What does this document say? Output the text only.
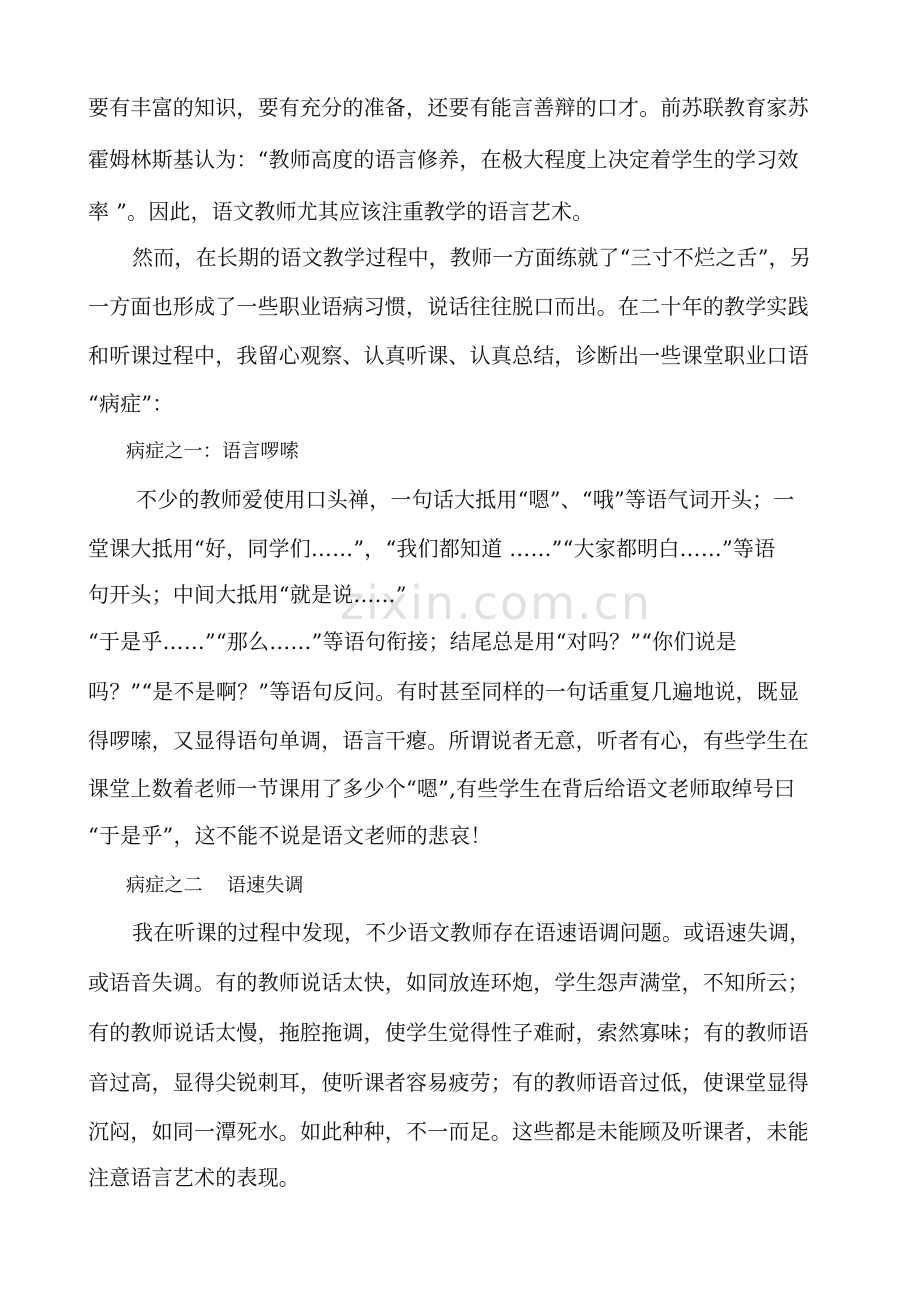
zixin.com.cn
要有丰富的知识，要有充分的准备，还要有能言善辩的口才。前苏联教育家苏
霍姆林斯基认为：“教师高度的语言修养，在极大程度上决定着学生的学习效
率 ”。因此，语文教师尤其应该注重教学的语言艺术。
然而，在长期的语文教学过程中，教师一方面练就了“三寸不烂之舌”，另
一方面也形成了一些职业语病习惯，说话往往脱口而出。在二十年的教学实践
和听课过程中，我留心观察、认真听课、认真总结，诊断出一些课堂职业口语
“病症”：
病症之一：语言啰嗦
不少的教师爱使用口头禅，一句话大抵用“嗯”、“哦”等语气词开头；一
堂课大抵用“好，同学们……”，“我们都知道 ……”“大家都明白……”等语
句开头；中间大抵用“就是说……”
“于是乎……”“那么……”等语句衔接；结尾总是用“对吗？”“你们说是
吗？”“是不是啊？”等语句反问。有时甚至同样的一句话重复几遍地说，既显
得啰嗦，又显得语句单调，语言干瘪。所谓说者无意，听者有心，有些学生在
课堂上数着老师一节课用了多少个“嗯”,有些学生在背后给语文老师取绰号曰
“于是乎”，这不能不说是语文老师的悲哀！
病症之二 语速失调
我在听课的过程中发现，不少语文教师存在语速语调问题。或语速失调，
或语音失调。有的教师说话太快，如同放连环炮，学生怨声满堂，不知所云；
有的教师说话太慢，拖腔拖调，使学生觉得性子难耐，索然寡味；有的教师语
音过高，显得尖锐刺耳，使听课者容易疲劳；有的教师语音过低，使课堂显得
沉闷，如同一潭死水。如此种种，不一而足。这些都是未能顾及听课者，未能
注意语言艺术的表现。
